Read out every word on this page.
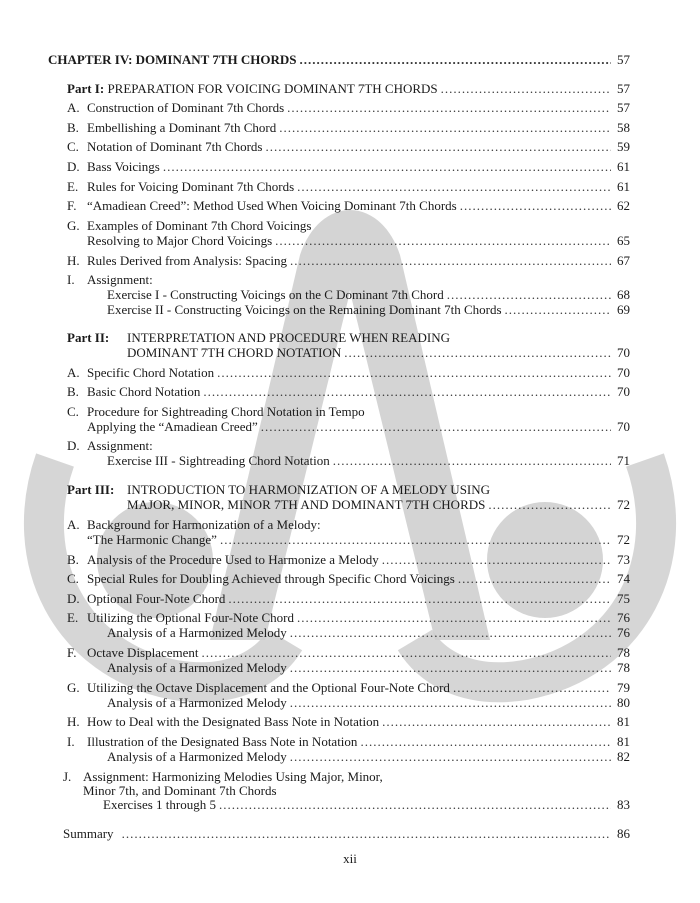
CHAPTER IV: DOMINANT 7TH CHORDS .....	57
Part I: PREPARATION FOR VOICING DOMINANT 7TH CHORDS .....	57
A. Construction of Dominant 7th Chords .....	57
B. Embellishing a Dominant 7th Chord .....	58
C. Notation of Dominant 7th Chords .....	59
D. Bass Voicings .....	61
E. Rules for Voicing Dominant 7th Chords .....	61
F. “Amadiean Creed”: Method Used When Voicing Dominant 7th Chords .....	62
G. Examples of Dominant 7th Chord Voicings
Resolving to Major Chord Voicings .....	65
H. Rules Derived from Analysis: Spacing .....	67
I. Assignment:
Exercise I - Constructing Voicings on the C Dominant 7th Chord .....	68
Exercise II - Constructing Voicings on the Remaining Dominant 7th Chords .....	69
Part II: INTERPRETATION AND PROCEDURE WHEN READING
DOMINANT 7TH CHORD NOTATION .....	70
A. Specific Chord Notation .....	70
B. Basic Chord Notation .....	70
C. Procedure for Sightreading Chord Notation in Tempo
Applying the “Amadiean Creed” .....	70
D. Assignment:
Exercise III - Sightreading Chord Notation .....	71
Part III: INTRODUCTION TO HARMONIZATION OF A MELODY USING
MAJOR, MINOR, MINOR 7TH AND DOMINANT 7TH CHORDS .....	72
A. Background for Harmonization of a Melody:
“The Harmonic Change” .....	72
B. Analysis of the Procedure Used to Harmonize a Melody .....	73
C. Special Rules for Doubling Achieved through Specific Chord Voicings .....	74
D. Optional Four-Note Chord .....	75
E. Utilizing the Optional Four-Note Chord .....	76
Analysis of a Harmonized Melody .....	76
F. Octave Displacement .....	78
Analysis of a Harmonized Melody .....	78
G. Utilizing the Octave Displacement and the Optional Four-Note Chord .....	79
Analysis of a Harmonized Melody .....	80
H. How to Deal with the Designated Bass Note in Notation .....	81
I. Illustration of the Designated Bass Note in Notation .....	81
Analysis of a Harmonized Melody .....	82
J. Assignment: Harmonizing Melodies Using Major, Minor,
Minor 7th, and Dominant 7th Chords
Exercises 1 through 5 .....	83
Summary .....	86
xii
